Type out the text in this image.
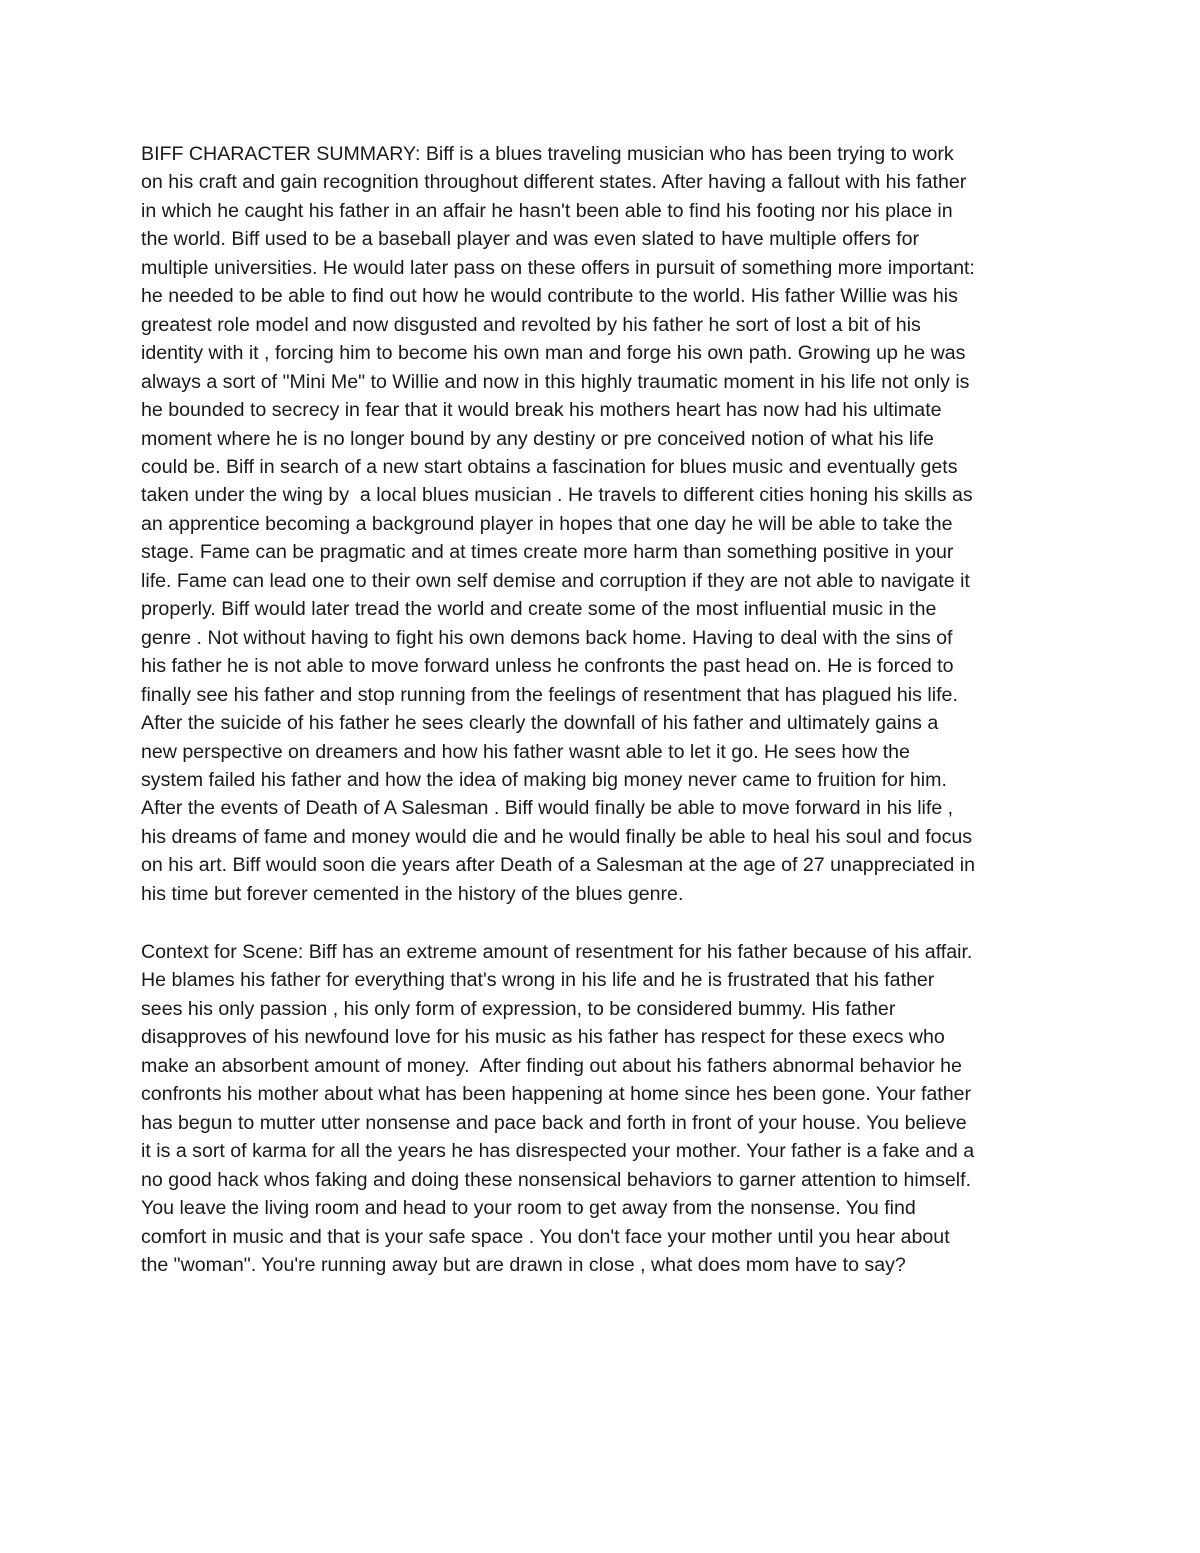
BIFF CHARACTER SUMMARY: Biff is a blues traveling musician who has been trying to work
on his craft and gain recognition throughout different states. After having a fallout with his father
in which he caught his father in an affair he hasn't been able to find his footing nor his place in
the world. Biff used to be a baseball player and was even slated to have multiple offers for
multiple universities. He would later pass on these offers in pursuit of something more important:
he needed to be able to find out how he would contribute to the world. His father Willie was his
greatest role model and now disgusted and revolted by his father he sort of lost a bit of his
identity with it , forcing him to become his own man and forge his own path. Growing up he was
always a sort of "Mini Me" to Willie and now in this highly traumatic moment in his life not only is
he bounded to secrecy in fear that it would break his mothers heart has now had his ultimate
moment where he is no longer bound by any destiny or pre conceived notion of what his life
could be. Biff in search of a new start obtains a fascination for blues music and eventually gets
taken under the wing by  a local blues musician . He travels to different cities honing his skills as
an apprentice becoming a background player in hopes that one day he will be able to take the
stage. Fame can be pragmatic and at times create more harm than something positive in your
life. Fame can lead one to their own self demise and corruption if they are not able to navigate it
properly. Biff would later tread the world and create some of the most influential music in the
genre . Not without having to fight his own demons back home. Having to deal with the sins of
his father he is not able to move forward unless he confronts the past head on. He is forced to
finally see his father and stop running from the feelings of resentment that has plagued his life.
After the suicide of his father he sees clearly the downfall of his father and ultimately gains a
new perspective on dreamers and how his father wasnt able to let it go. He sees how the
system failed his father and how the idea of making big money never came to fruition for him.
After the events of Death of A Salesman . Biff would finally be able to move forward in his life ,
his dreams of fame and money would die and he would finally be able to heal his soul and focus
on his art. Biff would soon die years after Death of a Salesman at the age of 27 unappreciated in
his time but forever cemented in the history of the blues genre.
Context for Scene: Biff has an extreme amount of resentment for his father because of his affair.
He blames his father for everything that's wrong in his life and he is frustrated that his father
sees his only passion , his only form of expression, to be considered bummy. His father
disapproves of his newfound love for his music as his father has respect for these execs who
make an absorbent amount of money.  After finding out about his fathers abnormal behavior he
confronts his mother about what has been happening at home since hes been gone. Your father
has begun to mutter utter nonsense and pace back and forth in front of your house. You believe
it is a sort of karma for all the years he has disrespected your mother. Your father is a fake and a
no good hack whos faking and doing these nonsensical behaviors to garner attention to himself.
You leave the living room and head to your room to get away from the nonsense. You find
comfort in music and that is your safe space . You don't face your mother until you hear about
the "woman". You're running away but are drawn in close , what does mom have to say?
